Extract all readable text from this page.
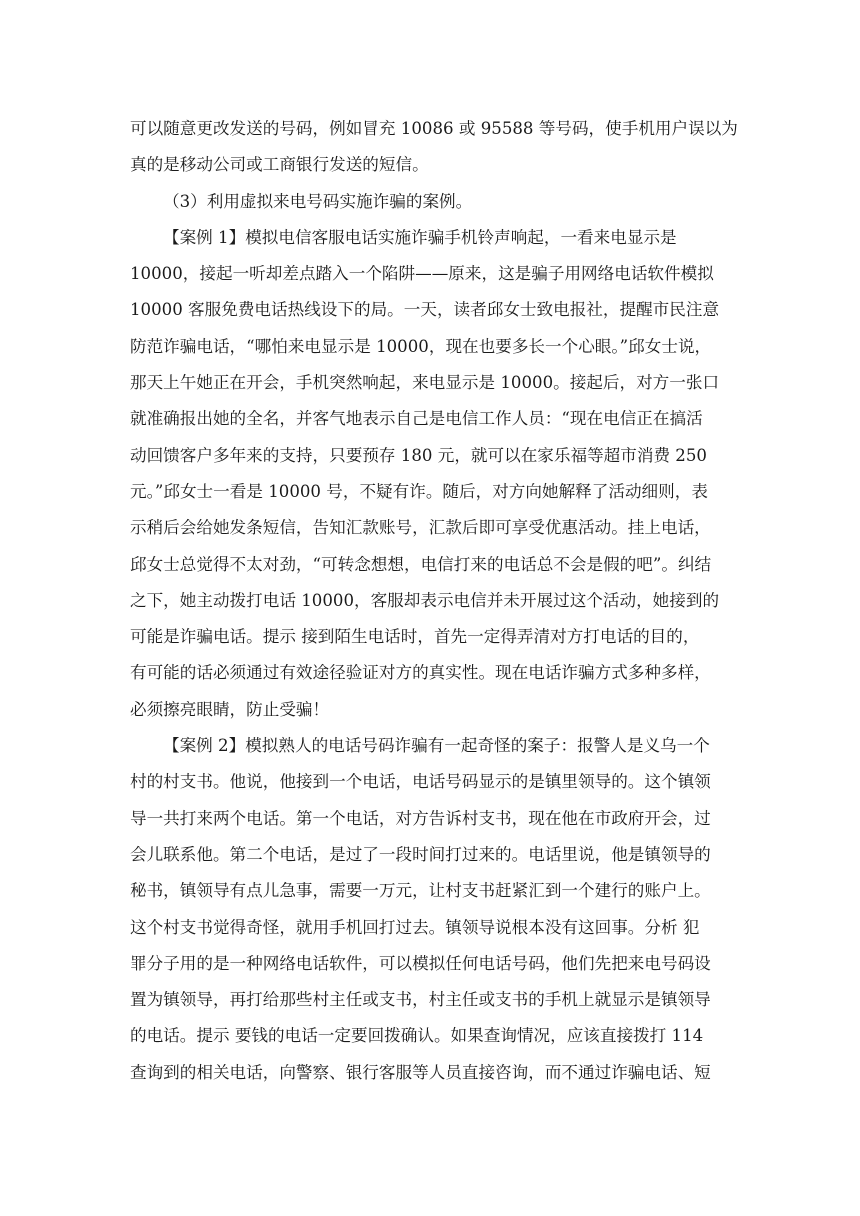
可以随意更改发送的号码，例如冒充 10086 或 95588 等号码，使手机用户误以为
真的是移动公司或工商银行发送的短信。
（3）利用虚拟来电号码实施诈骗的案例。
【案例 1】模拟电信客服电话实施诈骗手机铃声响起，一看来电显示是
10000，接起一听却差点踏入一个陷阱——原来，这是骗子用网络电话软件模拟
10000 客服免费电话热线设下的局。一天，读者邱女士致电报社，提醒市民注意
防范诈骗电话，“哪怕来电显示是 10000，现在也要多长一个心眼。”邱女士说，
那天上午她正在开会，手机突然响起，来电显示是 10000。接起后，对方一张口
就准确报出她的全名，并客气地表示自己是电信工作人员：“现在电信正在搞活
动回馈客户多年来的支持，只要预存 180 元，就可以在家乐福等超市消费 250
元。”邱女士一看是 10000 号，不疑有诈。随后，对方向她解释了活动细则，表
示稍后会给她发条短信，告知汇款账号，汇款后即可享受优惠活动。挂上电话，
邱女士总觉得不太对劲，“可转念想想，电信打来的电话总不会是假的吧”。纠结
之下，她主动拨打电话 10000，客服却表示电信并未开展过这个活动，她接到的
可能是诈骗电话。提示 接到陌生电话时，首先一定得弄清对方打电话的目的，
有可能的话必须通过有效途径验证对方的真实性。现在电话诈骗方式多种多样，
必须擦亮眼睛，防止受骗！
【案例 2】模拟熟人的电话号码诈骗有一起奇怪的案子：报警人是义乌一个
村的村支书。他说，他接到一个电话，电话号码显示的是镇里领导的。这个镇领
导一共打来两个电话。第一个电话，对方告诉村支书，现在他在市政府开会，过
会儿联系他。第二个电话，是过了一段时间打过来的。电话里说，他是镇领导的
秘书，镇领导有点儿急事，需要一万元，让村支书赶紧汇到一个建行的账户上。
这个村支书觉得奇怪，就用手机回打过去。镇领导说根本没有这回事。分析 犯
罪分子用的是一种网络电话软件，可以模拟任何电话号码，他们先把来电号码设
置为镇领导，再打给那些村主任或支书，村主任或支书的手机上就显示是镇领导
的电话。提示 要钱的电话一定要回拨确认。如果查询情况，应该直接拨打 114
查询到的相关电话，向警察、银行客服等人员直接咨询，而不通过诈骗电话、短
